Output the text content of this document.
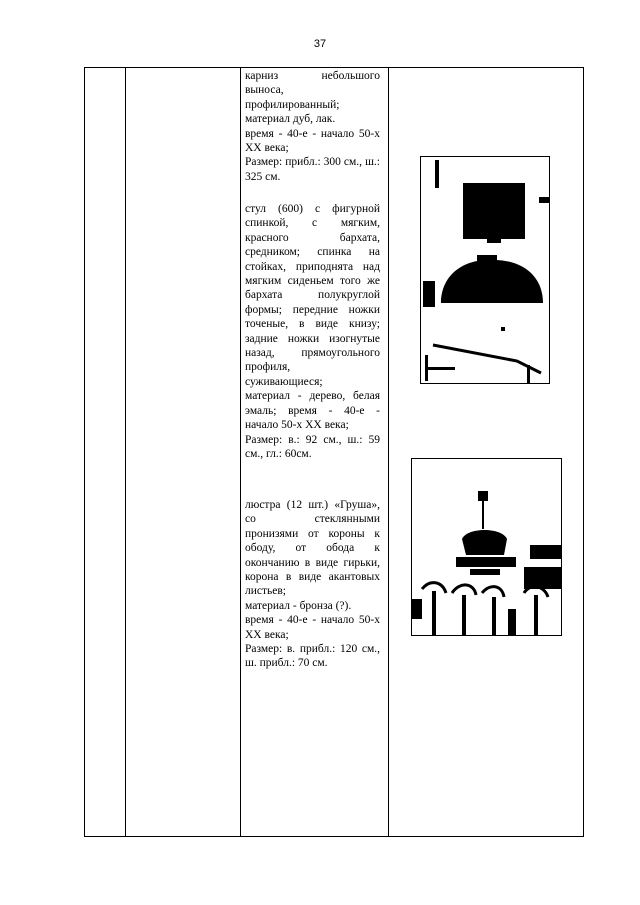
37

карниз небольшого выноса,

профилированный;

материал дуб, лак.

время - 40-е - начало 50-х XX века;

Размер: прибл.: 300 см., ш.: 325 см.

стул (600) с фигурной спинкой, с мягким, красного бархата, средником; спинка на стойках, приподнята над мягким сиденьем того же бархата полукруглой формы; передние ножки точеные, в виде книзу; задние ножки изогнутые назад, прямоугольного профиля,

суживающиеся;

материал - дерево, белая эмаль; время - 40-е - начало 50-х XX века;

Размер: в.: 92 см., ш.: 59 см., гл.: 60см.

люстра (12 шт.) «Груша», со стеклянными пронизями от короны к ободу, от обода к окончанию в виде гирьки, корона в виде акантовых листьев;

материал - бронза (?).

время - 40-е - начало 50-х XX века;

Размер: в. прибл.: 120 см., ш. прибл.: 70 см.
